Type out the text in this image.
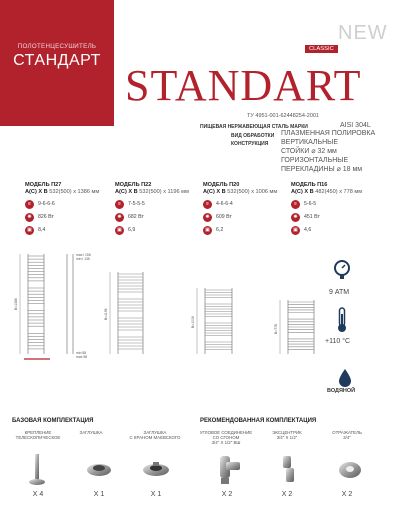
ПОЛОТЕНЦЕСУШИТЕЛЬ
СТАНДАРТ
NEW
CLASSIC
STANDART
ТУ 4951-001-62448254-2001
ПИЩЕВАЯ НЕРЖАВЕЮЩАЯ СТАЛЬ МАРКИ	AISI 304L
ВИД ОБРАБОТКИ ПЛАЗМЕННАЯ ПОЛИРОВКА
КОНСТРУКЦИЯ ВЕРТИКАЛЬНЫЕ
СТОЙКИ ⌀ 32 мм
ГОРИЗОНТАЛЬНЫЕ
ПЕРЕКЛАДИНЫ ⌀ 18 мм
МОДЕЛЬ П27
A(C) X B 532(500) x 1386 мм
≡	9-6-6-6
✺	826 Вт
▣	8,4
МОДЕЛЬ П22
A(C) X B 532(500) x 1196 мм
≡	7-5-5-5
✺	682 Вт
▣	6,9
МОДЕЛЬ П20
A(C) X B 532(500) x 1006 мм
≡	4-6-6-4
✺	609 Вт
▣	6,2
МОДЕЛЬ П16
A(C) X B 482(450) x 778 мм
≡	5-6-5
✺	451 Вт
▣	4,6
B=1386
B=1196
B=1006
B=778
max l 155
min l 135
min 58
max 98
9 АТМ
+110 °C
ВОДЯНОЙ
БАЗОВАЯ КОМПЛЕКТАЦИЯ	РЕКОМЕНДОВАННАЯ КОМПЛЕКТАЦИЯ
КРЕПЛЕНИЕ
ТЕЛЕСКОПИЧЕСКОЕ
ЗАГЛУШКА	ЗАГЛУШКА
С КРАНОМ МАЕВСКОГО
УГЛОВОЕ СОЕДИНЕНИЕ
СО СГОНОМ
3/4" Х 1/2" ВШ
ЭКСЦЕНТРИК
3/4" Х 1/2"
ОТРАЖАТЕЛЬ
3/4"
X 4	X 1	X 1	X 2	X 2	X 2
